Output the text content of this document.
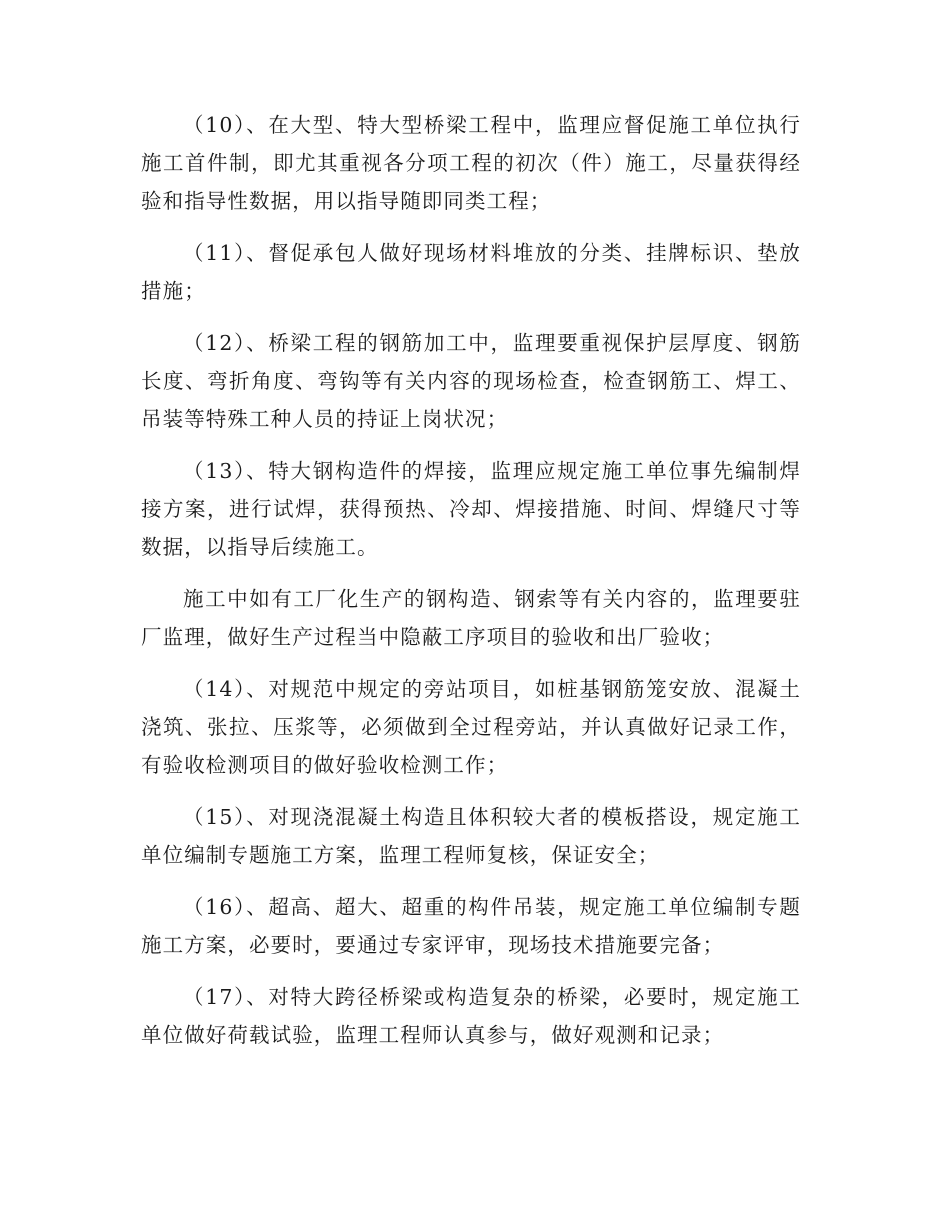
（10）、在大型、特大型桥梁工程中，监理应督促施工单位执行施工首件制，即尤其重视各分项工程的初次（件）施工，尽量获得经验和指导性数据，用以指导随即同类工程；

（11）、督促承包人做好现场材料堆放的分类、挂牌标识、垫放措施；

（12）、桥梁工程的钢筋加工中，监理要重视保护层厚度、钢筋长度、弯折角度、弯钩等有关内容的现场检查，检查钢筋工、焊工、吊装等特殊工种人员的持证上岗状况；

（13）、特大钢构造件的焊接，监理应规定施工单位事先编制焊接方案，进行试焊，获得预热、冷却、焊接措施、时间、焊缝尺寸等数据，以指导后续施工。

施工中如有工厂化生产的钢构造、钢索等有关内容的，监理要驻厂监理，做好生产过程当中隐蔽工序项目的验收和出厂验收；

（14）、对规范中规定的旁站项目，如桩基钢筋笼安放、混凝土浇筑、张拉、压浆等，必须做到全过程旁站，并认真做好记录工作，有验收检测项目的做好验收检测工作；

（15）、对现浇混凝土构造且体积较大者的模板搭设，规定施工单位编制专题施工方案，监理工程师复核，保证安全；

（16）、超高、超大、超重的构件吊装，规定施工单位编制专题施工方案，必要时，要通过专家评审，现场技术措施要完备；

（17）、对特大跨径桥梁或构造复杂的桥梁，必要时，规定施工单位做好荷载试验，监理工程师认真参与，做好观测和记录；
